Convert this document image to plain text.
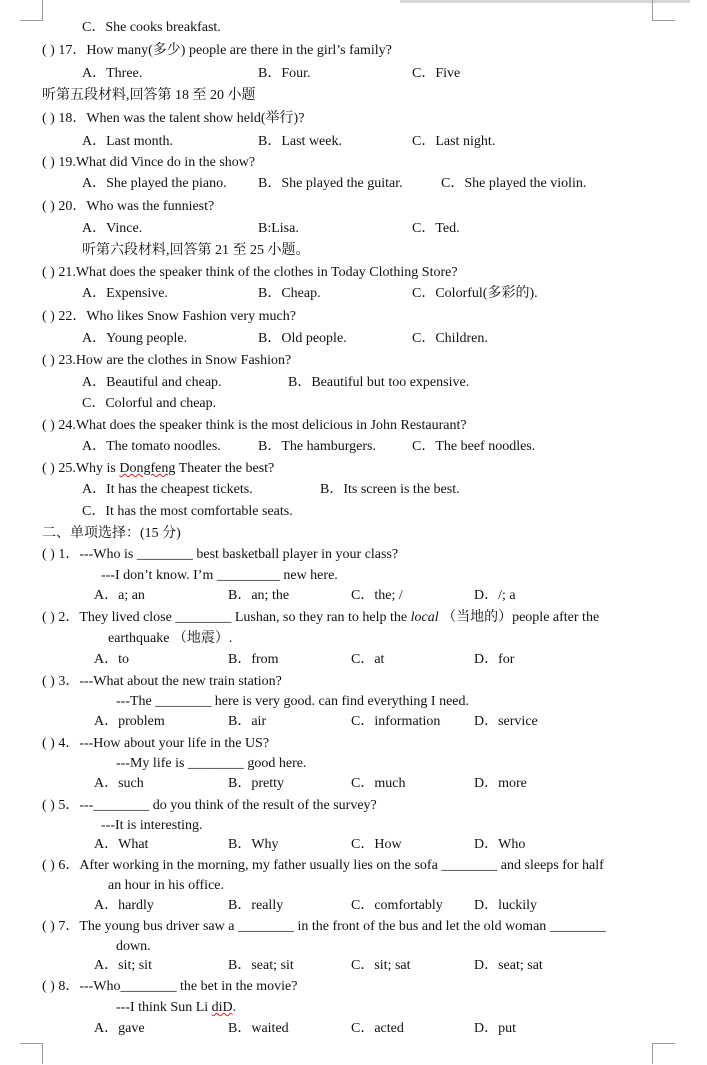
C．She cooks breakfast.
( ) 17．How many(多少) people are there in the girl’s family?
A．Three.	B．Four.	C．Five
听第五段材料,回答第 18 至 20 小题
( ) 18．When was the talent show held(举行)?
A．Last month.	B．Last week.	C．Last night.
( ) 19.What did Vince do in the show?
A．She played the piano. B．She played the guitar.	C．She played the violin.
( ) 20．Who was the funniest?
A．Vince.	B:Lisa.	C．Ted.
听第六段材料,回答第 21 至 25 小题。
( ) 21.What does the speaker think of the clothes in Today Clothing Store?
A．Expensive.	B．Cheap.	C．Colorful(多彩的).
( ) 22．Who likes Snow Fashion very much?
A．Young people.	B．Old people.	C．Children.
( ) 23.How are the clothes in Snow Fashion?
A．Beautiful and cheap.	B．Beautiful but too expensive.
C．Colorful and cheap.
( ) 24.What does the speaker think is the most delicious in John Restaurant?
A．The tomato noodles.	B．The hamburgers.	C．The beef noodles.
( ) 25.Why is Dongfeng Theater the best?
A．It has the cheapest tickets.	B．Its screen is the best.
C．It has the most comfortable seats.
二、单项选择：(15 分)
( ) 1．---Who is ________ best basketball player in your class?
---I don’t know. I’m _________ new here.
A．a; an	B．an; the	C．the; /	D．/; a
( ) 2．They lived close ________ Lushan, so they ran to help the local （当地的）people after the
earthquake （地震）.
A．to	B．from	C．at	D．for
( ) 3．---What about the new train station?
---The ________ here is very good. can find everything I need.
A．problem	B．air	C．information D．service
( ) 4．---How about your life in the US?
---My life is ________ good here.
A．such	B．pretty	C．much	D．more
( ) 5．---________ do you think of the result of the survey?
---It is interesting.
A．What	B．Why	C．How	D．Who
( ) 6．After working in the morning, my father usually lies on the sofa ________ and sleeps for half
an hour in his office.
A．hardly	B．really	C．comfortably D．luckily
( ) 7．The young bus driver saw a ________ in the front of the bus and let the old woman ________
down.
A．sit; sit	B．seat; sit	C．sit; sat	D．seat; sat
( ) 8．---Who________ the bet in the movie?
---I think Sun Li diD.
A．gave	B．waited	C．acted	D．put
